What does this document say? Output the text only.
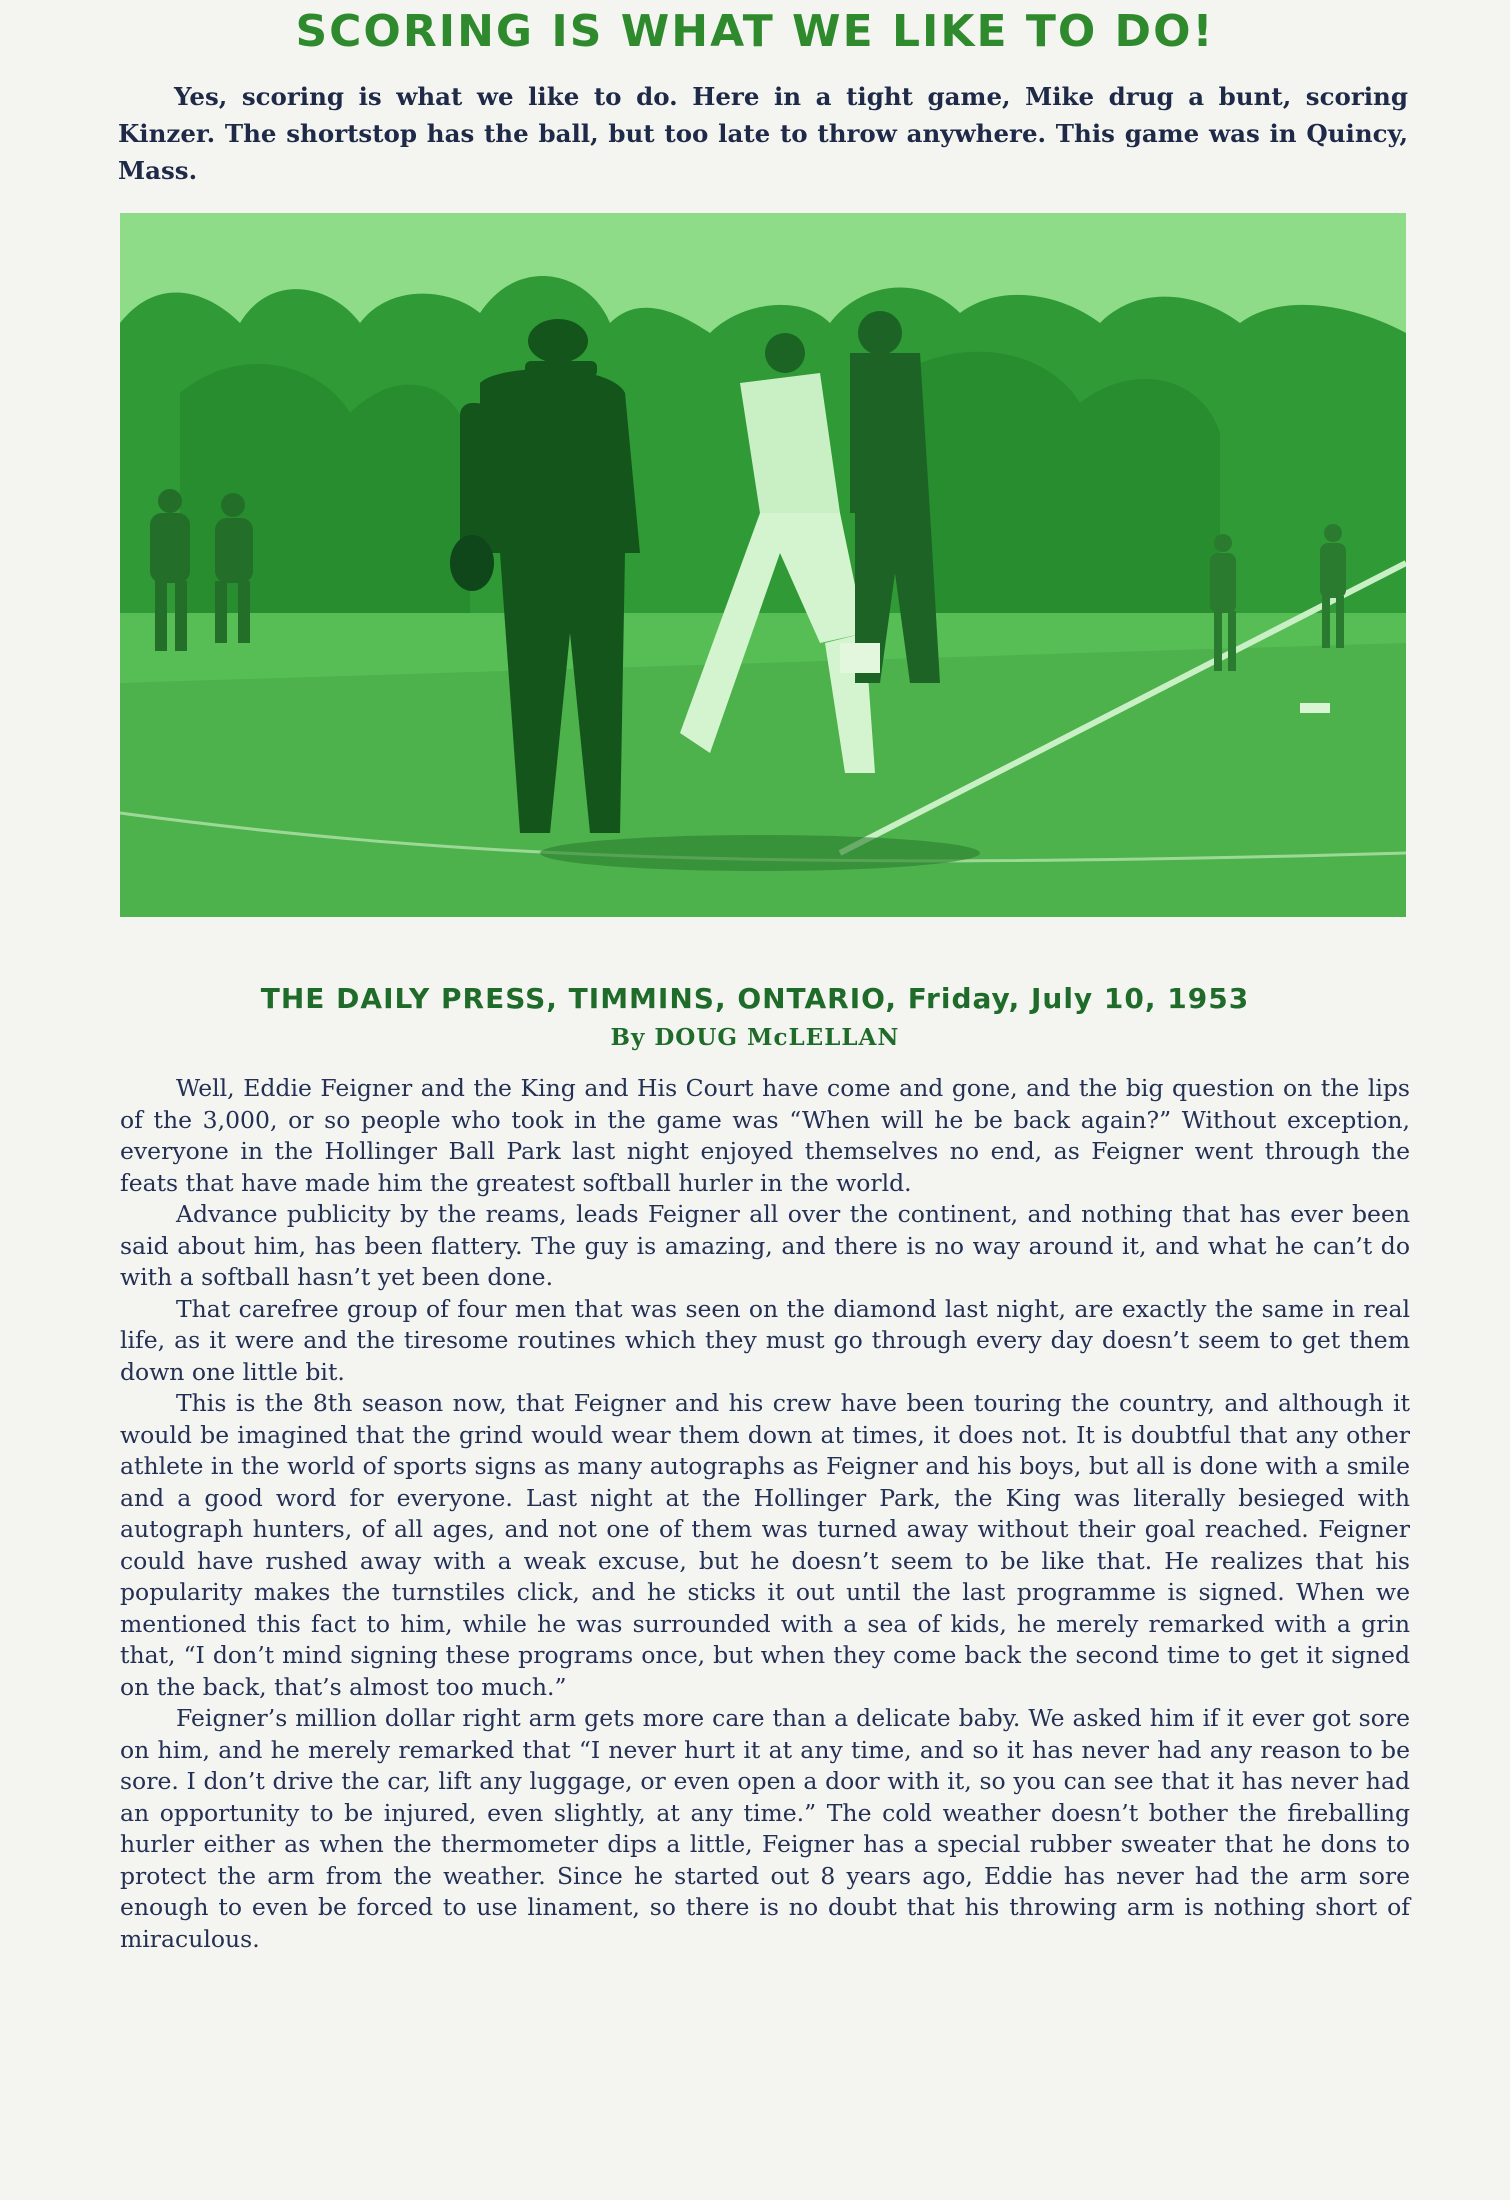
SCORING IS WHAT WE LIKE TO DO!
Yes, scoring is what we like to do. Here in a tight game, Mike drug a bunt, scoring Kinzer. The shortstop has the ball, but too late to throw anywhere. This game was in Quincy, Mass.
THE DAILY PRESS, TIMMINS, ONTARIO, Friday, July 10, 1953
By DOUG McLELLAN

Well, Eddie Feigner and the King and His Court have come and gone, and the big question on the lips of the 3,000, or so people who took in the game was “When will he be back again?” Without exception, everyone in the Hollinger Ball Park last night enjoyed themselves no end, as Feigner went through the feats that have made him the greatest softball hurler in the world.

Advance publicity by the reams, leads Feigner all over the continent, and nothing that has ever been said about him, has been flattery. The guy is amazing, and there is no way around it, and what he can’t do with a softball hasn’t yet been done.

That carefree group of four men that was seen on the diamond last night, are exactly the same in real life, as it were and the tiresome routines which they must go through every day doesn’t seem to get them down one little bit.

This is the 8th season now, that Feigner and his crew have been touring the country, and although it would be imagined that the grind would wear them down at times, it does not. It is doubtful that any other athlete in the world of sports signs as many autographs as Feigner and his boys, but all is done with a smile and a good word for everyone. Last night at the Hollinger Park, the King was literally besieged with autograph hunters, of all ages, and not one of them was turned away without their goal reached. Feigner could have rushed away with a weak excuse, but he doesn’t seem to be like that. He realizes that his popularity makes the turnstiles click, and he sticks it out until the last programme is signed. When we mentioned this fact to him, while he was surrounded with a sea of kids, he merely remarked with a grin that, “I don’t mind signing these programs once, but when they come back the second time to get it signed on the back, that’s almost too much.”

Feigner’s million dollar right arm gets more care than a delicate baby. We asked him if it ever got sore on him, and he merely remarked that “I never hurt it at any time, and so it has never had any reason to be sore. I don’t drive the car, lift any luggage, or even open a door with it, so you can see that it has never had an opportunity to be injured, even slightly, at any time.” The cold weather doesn’t bother the fireballing hurler either as when the thermometer dips a little, Feigner has a special rubber sweater that he dons to protect the arm from the weather. Since he started out 8 years ago, Eddie has never had the arm sore enough to even be forced to use linament, so there is no doubt that his throwing arm is nothing short of miraculous.
